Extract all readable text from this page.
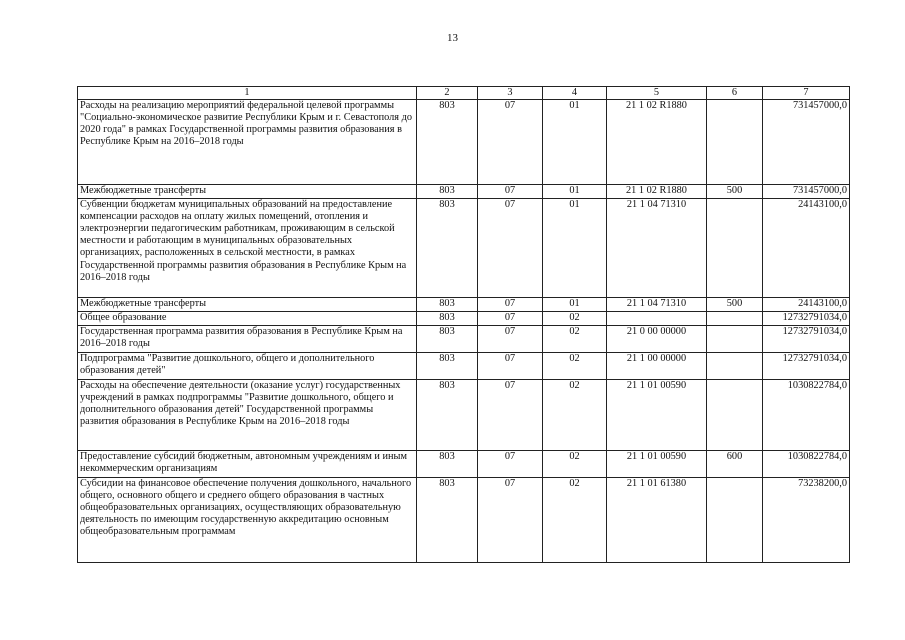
13
1	2	3	4	5	6	7
Расходы на реализацию мероприятий федеральной целевой программы "Социально-экономическое развитие Республики Крым и г. Севастополя до 2020 года" в рамках Государственной программы развития образования в Республике Крым на 2016–2018 годы	803	07	01	21 1 02 R1880		731457000,0
Межбюджетные трансферты	803	07	01	21 1 02 R1880	500	731457000,0
Субвенции бюджетам муниципальных образований на предоставление компенсации расходов на оплату жилых помещений, отопления и электроэнергии педагогическим работникам, проживающим в сельской местности и работающим в муниципальных образовательных организациях, расположенных в сельской местности, в рамках Государственной программы развития образования в Республике Крым на 2016–2018 годы	803	07	01	21 1 04 71310		24143100,0
Межбюджетные трансферты	803	07	01	21 1 04 71310	500	24143100,0
Общее образование	803	07	02			12732791034,0
Государственная программа развития образования в Республике Крым на 2016–2018 годы	803	07	02	21 0 00 00000		12732791034,0
Подпрограмма "Развитие дошкольного, общего и дополнительного образования детей"	803	07	02	21 1 00 00000		12732791034,0
Расходы на обеспечение деятельности (оказание услуг) государственных учреждений в рамках подпрограммы "Развитие дошкольного, общего и дополнительного образования детей" Государственной программы развития образования в Республике Крым на 2016–2018 годы	803	07	02	21 1 01 00590		1030822784,0
Предоставление субсидий бюджетным, автономным учреждениям и иным некоммерческим организациям	803	07	02	21 1 01 00590	600	1030822784,0
Субсидии на финансовое обеспечение получения дошкольного, начального общего, основного общего и среднего общего образования в частных общеобразовательных организациях, осуществляющих образовательную деятельность по имеющим государственную аккредитацию основным общеобразовательным программам	803	07	02	21 1 01 61380		73238200,0
